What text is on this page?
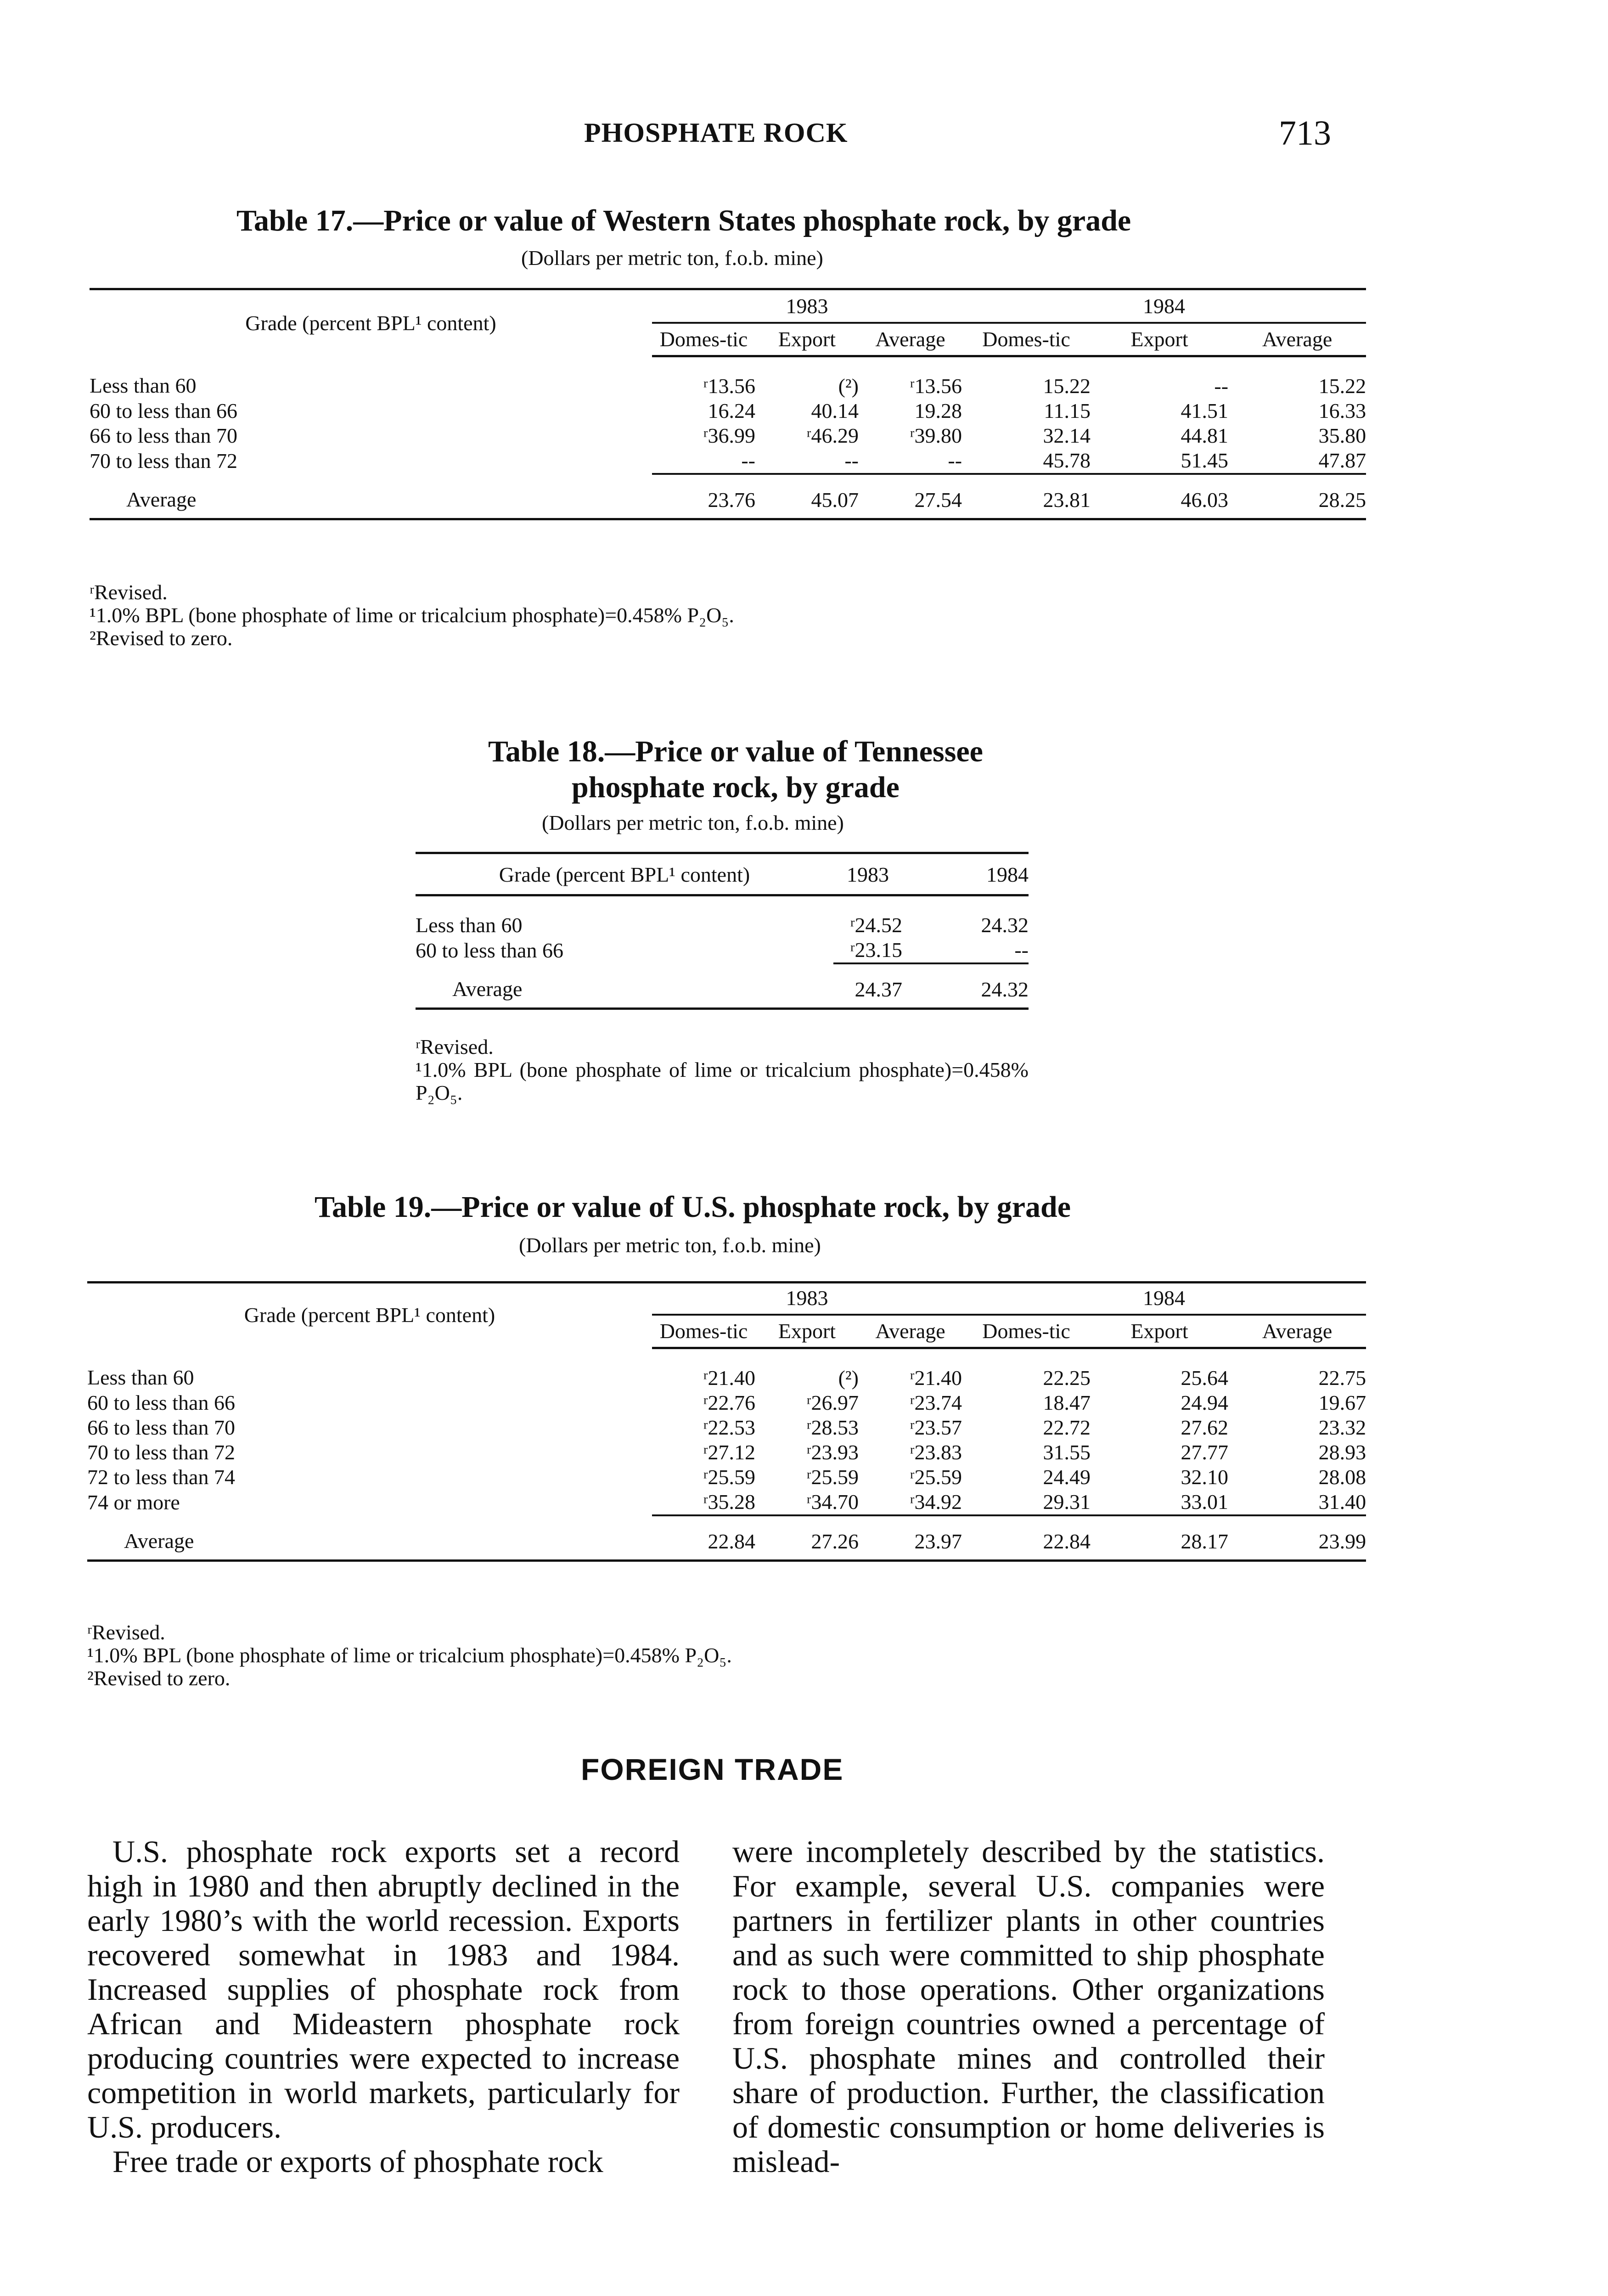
PHOSPHATE ROCK	713
Table 17.—Price or value of Western States phosphate rock, by grade
(Dollars per metric ton, f.o.b. mine)
Grade (percent BPL¹ content)	1983			1984		
	Domes-tic	Export	Average	Domes-tic	Export	Average
Less than 60	ʳ13.56	(²)	ʳ13.56	15.22	--	15.22
60 to less than 66	16.24	40.14	19.28	11.15	41.51	16.33
66 to less than 70	ʳ36.99	ʳ46.29	ʳ39.80	32.14	44.81	35.80
70 to less than 72	--	--	--	45.78	51.45	47.87
Average	23.76	45.07	27.54	23.81	46.03	28.25
ʳRevised.
¹1.0% BPL (bone phosphate of lime or tricalcium phosphate)=0.458% P₂O₅.
²Revised to zero.
Table 18.—Price or value of Tennessee phosphate rock, by grade
(Dollars per metric ton, f.o.b. mine)
Grade (percent BPL¹ content)	1983	1984
Less than 60	ʳ24.52	24.32
60 to less than 66	ʳ23.15	--
Average	24.37	24.32
ʳRevised.
¹1.0% BPL (bone phosphate of lime or tricalcium phosphate)=0.458% P₂O₅.
Table 19.—Price or value of U.S. phosphate rock, by grade
(Dollars per metric ton, f.o.b. mine)
Grade (percent BPL¹ content)	1983			1984		
	Domes-tic	Export	Average	Domes-tic	Export	Average
Less than 60	ʳ21.40	(²)	ʳ21.40	22.25	25.64	22.75
60 to less than 66	ʳ22.76	ʳ26.97	ʳ23.74	18.47	24.94	19.67
66 to less than 70	ʳ22.53	ʳ28.53	ʳ23.57	22.72	27.62	23.32
70 to less than 72	ʳ27.12	ʳ23.93	ʳ23.83	31.55	27.77	28.93
72 to less than 74	ʳ25.59	ʳ25.59	ʳ25.59	24.49	32.10	28.08
74 or more	ʳ35.28	ʳ34.70	ʳ34.92	29.31	33.01	31.40
Average	22.84	27.26	23.97	22.84	28.17	23.99
ʳRevised.
¹1.0% BPL (bone phosphate of lime or tricalcium phosphate)=0.458% P₂O₅.
²Revised to zero.
FOREIGN TRADE

U.S. phosphate rock exports set a record high in 1980 and then abruptly declined in the early 1980’s with the world recession. Exports recovered somewhat in 1983 and 1984. Increased supplies of phosphate rock from African and Mideastern phosphate rock producing countries were expected to increase competition in world markets, particularly for U.S. producers.

Free trade or exports of phosphate rock

were incompletely described by the statistics. For example, several U.S. companies were partners in fertilizer plants in other countries and as such were committed to ship phosphate rock to those operations. Other organizations from foreign countries owned a percentage of U.S. phosphate mines and controlled their share of production. Further, the classification of domestic consumption or home deliveries is mislead-
